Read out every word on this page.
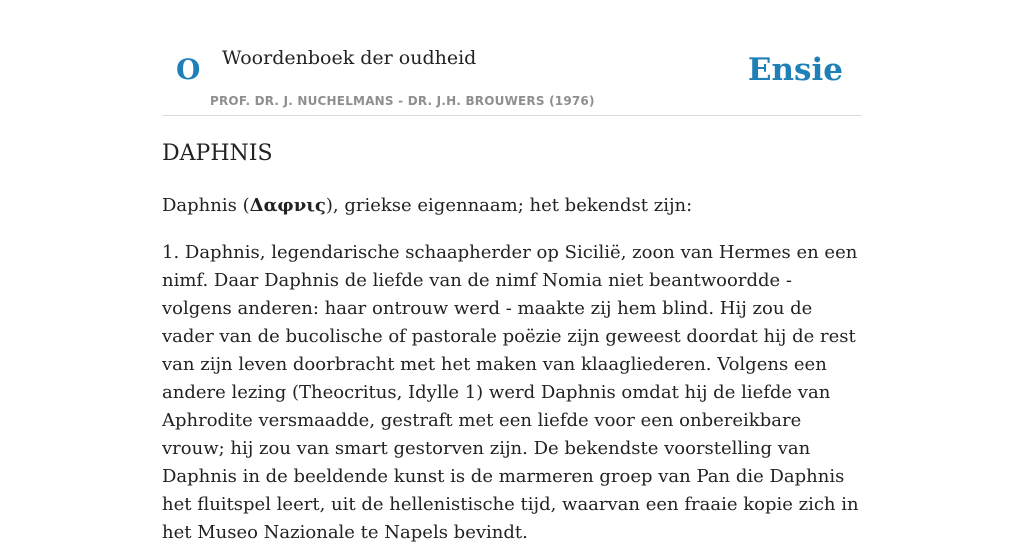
O Woordenboek der oudheid
PROF. DR. J. NUCHELMANS - DR. J.H. BROUWERS (1976)
Ensie
DAPHNIS

Daphnis (Δαφνις), griekse eigennaam; het bekendst zijn:

1. Daphnis, legendarische schaapherder op Sicilië, zoon van Hermes en een nimf. Daar Daphnis de liefde van de nimf Nomia niet beantwoordde - volgens anderen: haar ontrouw werd - maakte zij hem blind. Hij zou de vader van de bucolische of pastorale poëzie zijn geweest doordat hij de rest van zijn leven doorbracht met het maken van klaagliederen. Volgens een andere lezing (Theocritus, Idylle 1) werd Daphnis omdat hij de liefde van Aphrodite versmaadde, gestraft met een liefde voor een onbereikbare vrouw; hij zou van smart gestorven zijn. De bekendste voorstelling van Daphnis in de beeldende kunst is de marmeren groep van Pan die Daphnis het fluitspel leert, uit de hellenistische tijd, waarvan een fraaie kopie zich in het Museo Nazionale te Napels bevindt.
